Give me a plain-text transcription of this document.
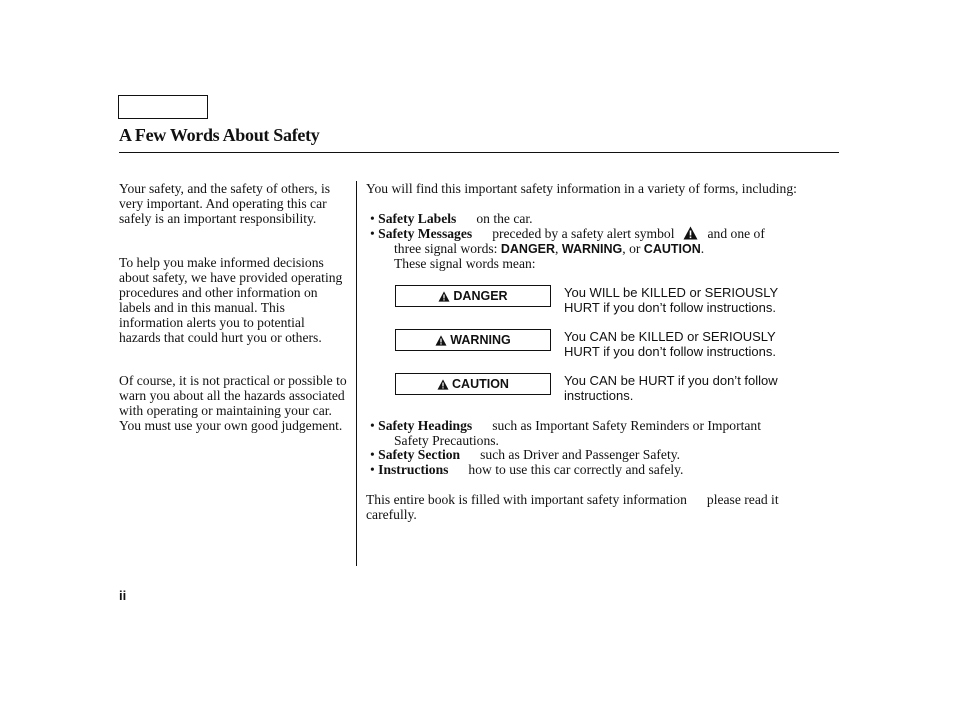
A Few Words About Safety

Your safety, and the safety of others, is very important. And operating this car safely is an important responsibility.

To help you make informed decisions about safety, we have provided operating procedures and other information on labels and in this manual. This information alerts you to potential hazards that could hurt you or others.

Of course, it is not practical or possible to warn you about all the hazards associated with operating or maintaining your car. You must use your own good judgement.

You will find this important safety information in a variety of forms, including:

• Safety Labels on the car.

• Safety Messages preceded by a safety alert symbol and one of

three signal words: DANGER, WARNING, or CAUTION.

These signal words mean:

DANGER	You WILL be KILLED or SERIOUSLY
HURT if you don’t follow instructions.

WARNING	You CAN be KILLED or SERIOUSLY
HURT if you don’t follow instructions.

CAUTION	You CAN be HURT if you don’t follow
instructions.

• Safety Headings such as Important Safety Reminders or Important

Safety Precautions.

• Safety Section such as Driver and Passenger Safety.

• Instructions how to use this car correctly and safely.

This entire book is filled with important safety information please read it
carefully.

ii
